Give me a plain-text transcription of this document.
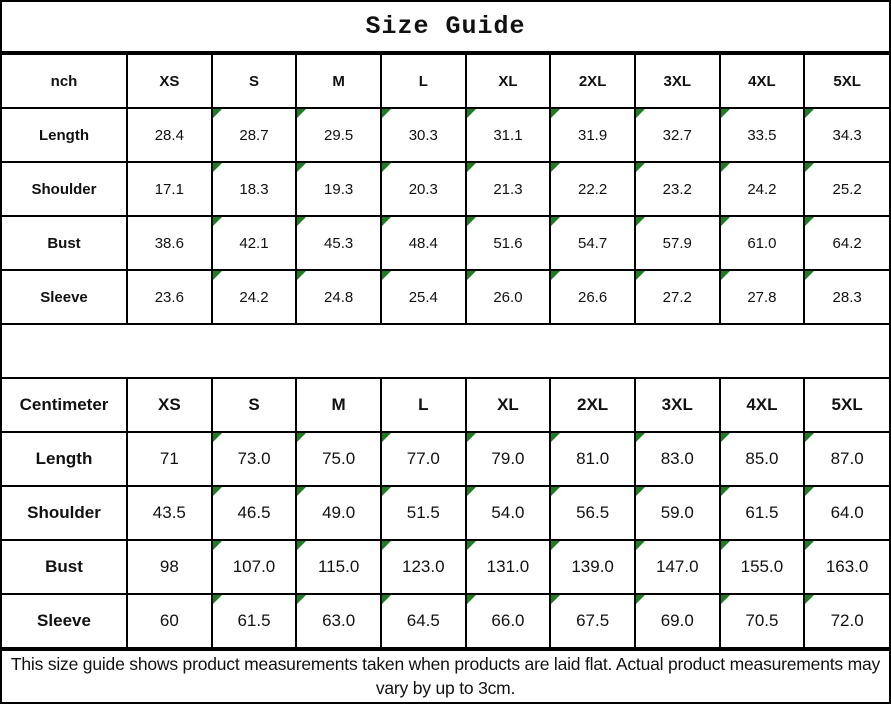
Size Guide
nch	XS	S	M	L	XL	2XL	3XL	4XL	5XL
Length	28.4	28.7	29.5	30.3	31.1	31.9	32.7	33.5	34.3
Shoulder	17.1	18.3	19.3	20.3	21.3	22.2	23.2	24.2	25.2
Bust	38.6	42.1	45.3	48.4	51.6	54.7	57.9	61.0	64.2
Sleeve	23.6	24.2	24.8	25.4	26.0	26.6	27.2	27.8	28.3
Centimeter	XS	S	M	L	XL	2XL	3XL	4XL	5XL
Length	71	73.0	75.0	77.0	79.0	81.0	83.0	85.0	87.0
Shoulder	43.5	46.5	49.0	51.5	54.0	56.5	59.0	61.5	64.0
Bust	98	107.0	115.0	123.0	131.0	139.0	147.0	155.0	163.0
Sleeve	60	61.5	63.0	64.5	66.0	67.5	69.0	70.5	72.0
This size guide shows product measurements taken when products are laid flat. Actual product measurements may vary by up to 3cm.
